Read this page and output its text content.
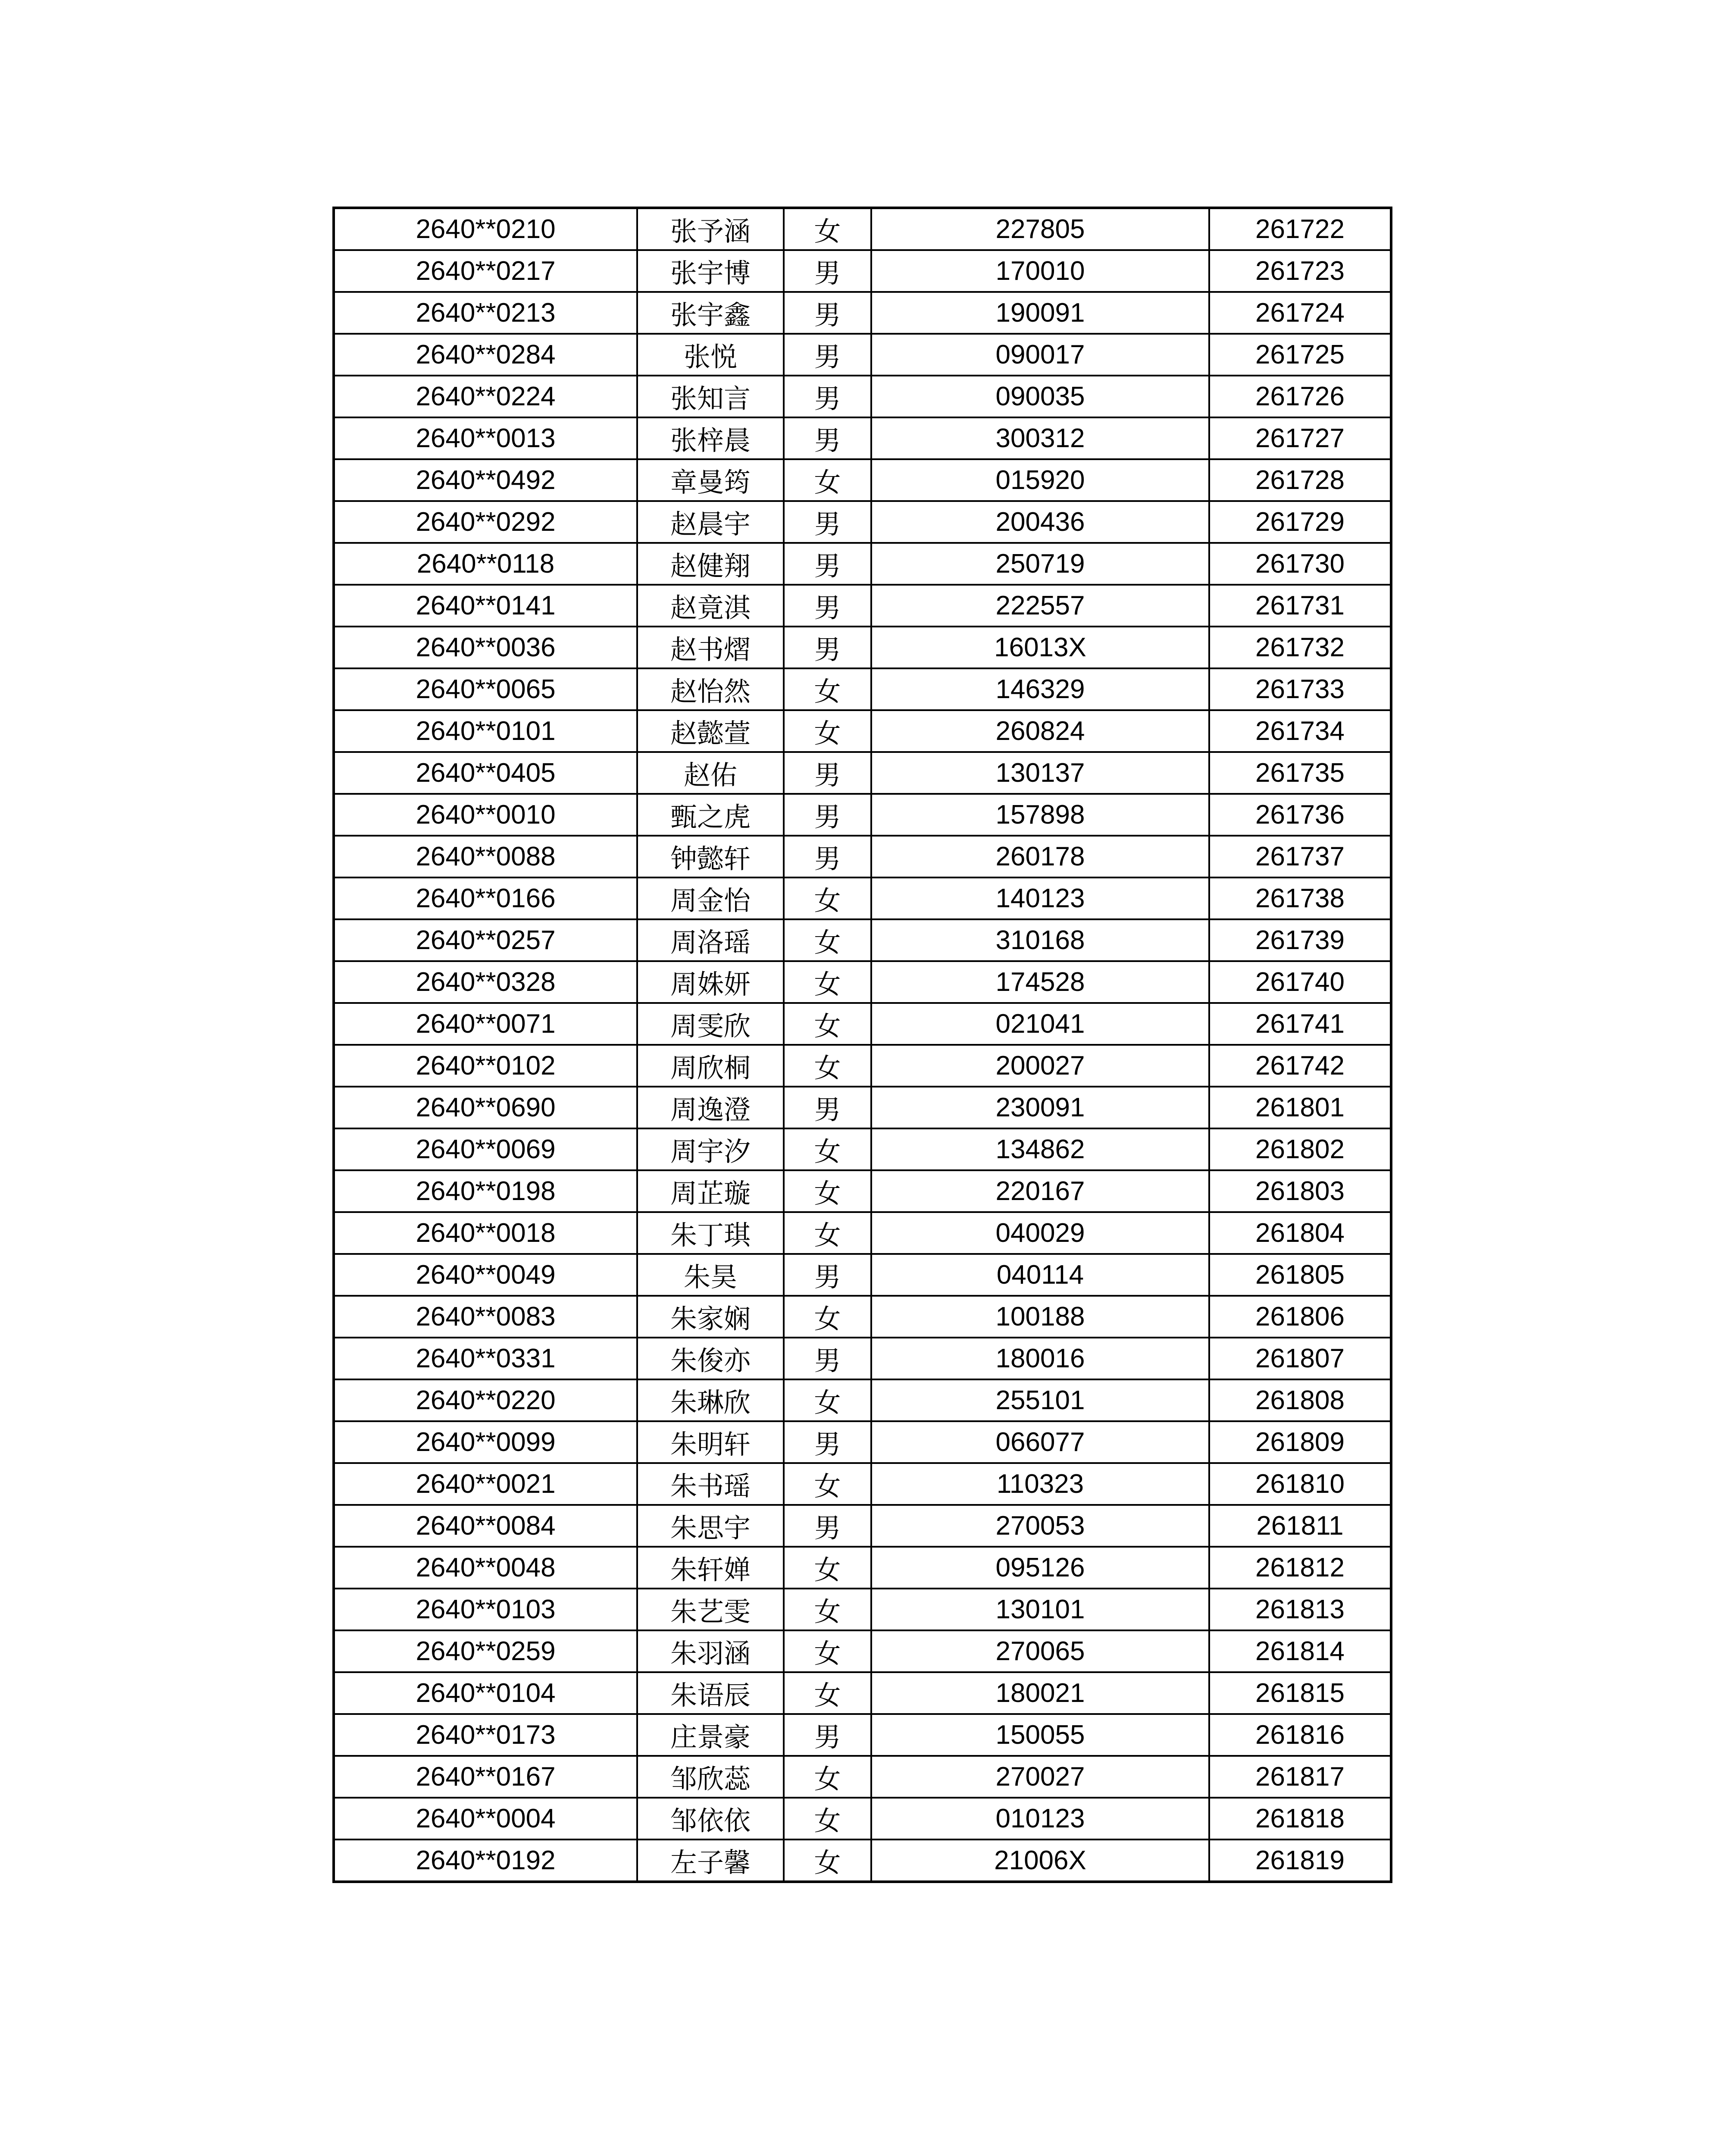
2640**0210	张予涵	女	227805	261722
2640**0217	张宇博	男	170010	261723
2640**0213	张宇鑫	男	190091	261724
2640**0284	张悦	男	090017	261725
2640**0224	张知言	男	090035	261726
2640**0013	张梓晨	男	300312	261727
2640**0492	章曼筠	女	015920	261728
2640**0292	赵晨宇	男	200436	261729
2640**0118	赵健翔	男	250719	261730
2640**0141	赵竟淇	男	222557	261731
2640**0036	赵书熠	男	16013X	261732
2640**0065	赵怡然	女	146329	261733
2640**0101	赵懿萱	女	260824	261734
2640**0405	赵佑	男	130137	261735
2640**0010	甄之虎	男	157898	261736
2640**0088	钟懿轩	男	260178	261737
2640**0166	周金怡	女	140123	261738
2640**0257	周洛瑶	女	310168	261739
2640**0328	周姝妍	女	174528	261740
2640**0071	周雯欣	女	021041	261741
2640**0102	周欣桐	女	200027	261742
2640**0690	周逸澄	男	230091	261801
2640**0069	周宇汐	女	134862	261802
2640**0198	周芷璇	女	220167	261803
2640**0018	朱丁琪	女	040029	261804
2640**0049	朱昊	男	040114	261805
2640**0083	朱家娴	女	100188	261806
2640**0331	朱俊亦	男	180016	261807
2640**0220	朱琳欣	女	255101	261808
2640**0099	朱明轩	男	066077	261809
2640**0021	朱书瑶	女	110323	261810
2640**0084	朱思宇	男	270053	261811
2640**0048	朱轩婵	女	095126	261812
2640**0103	朱艺雯	女	130101	261813
2640**0259	朱羽涵	女	270065	261814
2640**0104	朱语辰	女	180021	261815
2640**0173	庄景豪	男	150055	261816
2640**0167	邹欣蕊	女	270027	261817
2640**0004	邹依依	女	010123	261818
2640**0192	左子馨	女	21006X	261819
